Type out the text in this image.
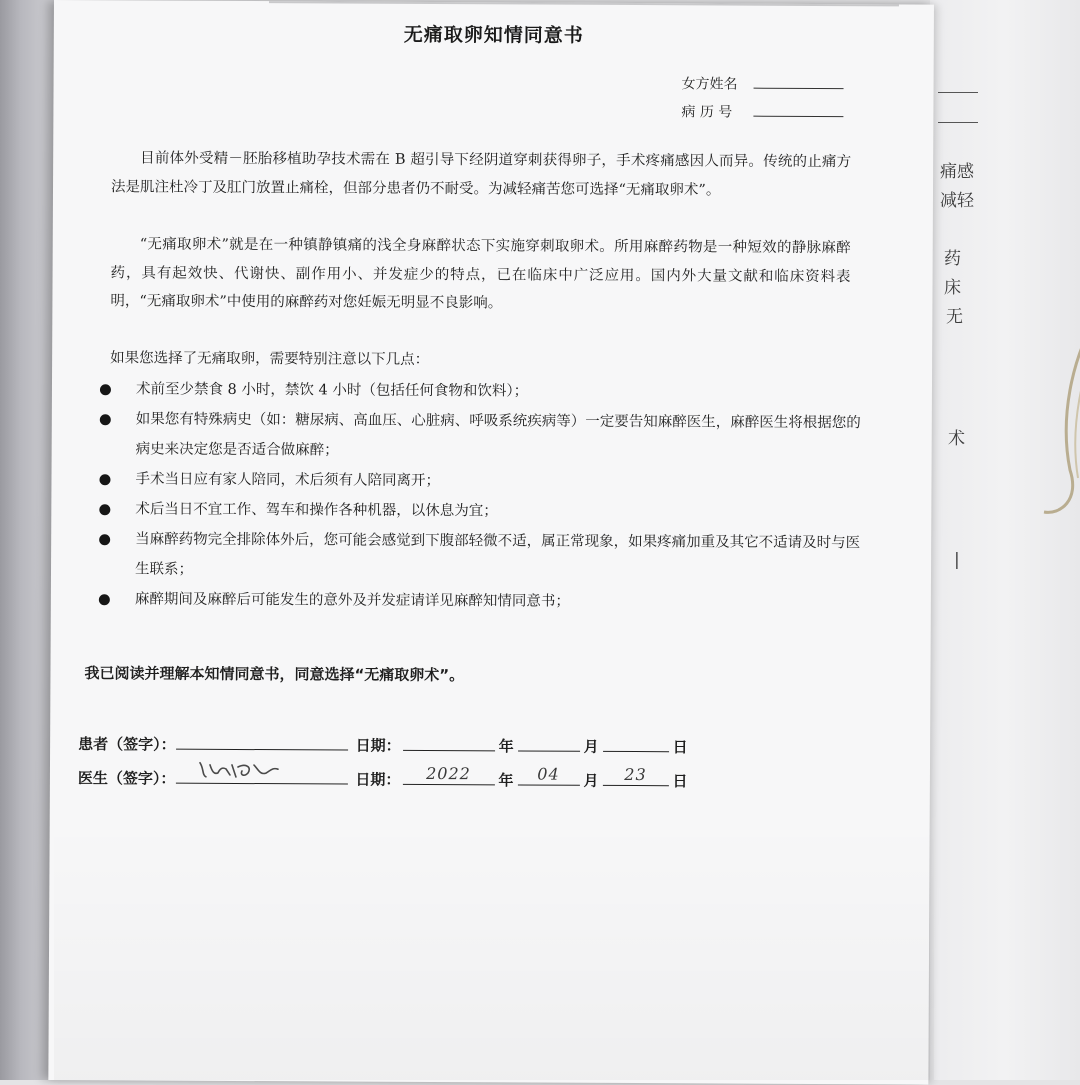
痛感
减轻
药
床
无
术
|
无痛取卵知情同意书
女方姓名
病 历 号

目前体外受精－胚胎移植助孕技术需在 B 超引导下经阴道穿刺获得卵子，手术疼痛感因人而异。传统的止痛方法是肌注杜冷丁及肛门放置止痛栓，但部分患者仍不耐受。为减轻痛苦您可选择“无痛取卵术”。

“无痛取卵术”就是在一种镇静镇痛的浅全身麻醉状态下实施穿刺取卵术。所用麻醉药物是一种短效的静脉麻醉药，具有起效快、代谢快、副作用小、并发症少的特点，已在临床中广泛应用。国内外大量文献和临床资料表明，“无痛取卵术”中使用的麻醉药对您妊娠无明显不良影响。

如果您选择了无痛取卵，需要特别注意以下几点：
术前至少禁食 8 小时，禁饮 4 小时（包括任何食物和饮料）；
如果您有特殊病史（如：糖尿病、高血压、心脏病、呼吸系统疾病等）一定要告知麻醉医生，麻醉医生将根据您的病史来决定您是否适合做麻醉；
手术当日应有家人陪同，术后须有人陪同离开；
术后当日不宜工作、驾车和操作各种机器，以休息为宜；
当麻醉药物完全排除体外后，您可能会感觉到下腹部轻微不适，属正常现象，如果疼痛加重及其它不适请及时与医生联系；
麻醉期间及麻醉后可能发生的意外及并发症请详见麻醉知情同意书；
我已阅读并理解本知情同意书，同意选择“无痛取卵术”。
患者（签字）：	日期：	年	月	日
医生（签字）：	日期：	2022	年	04	月	23	日
